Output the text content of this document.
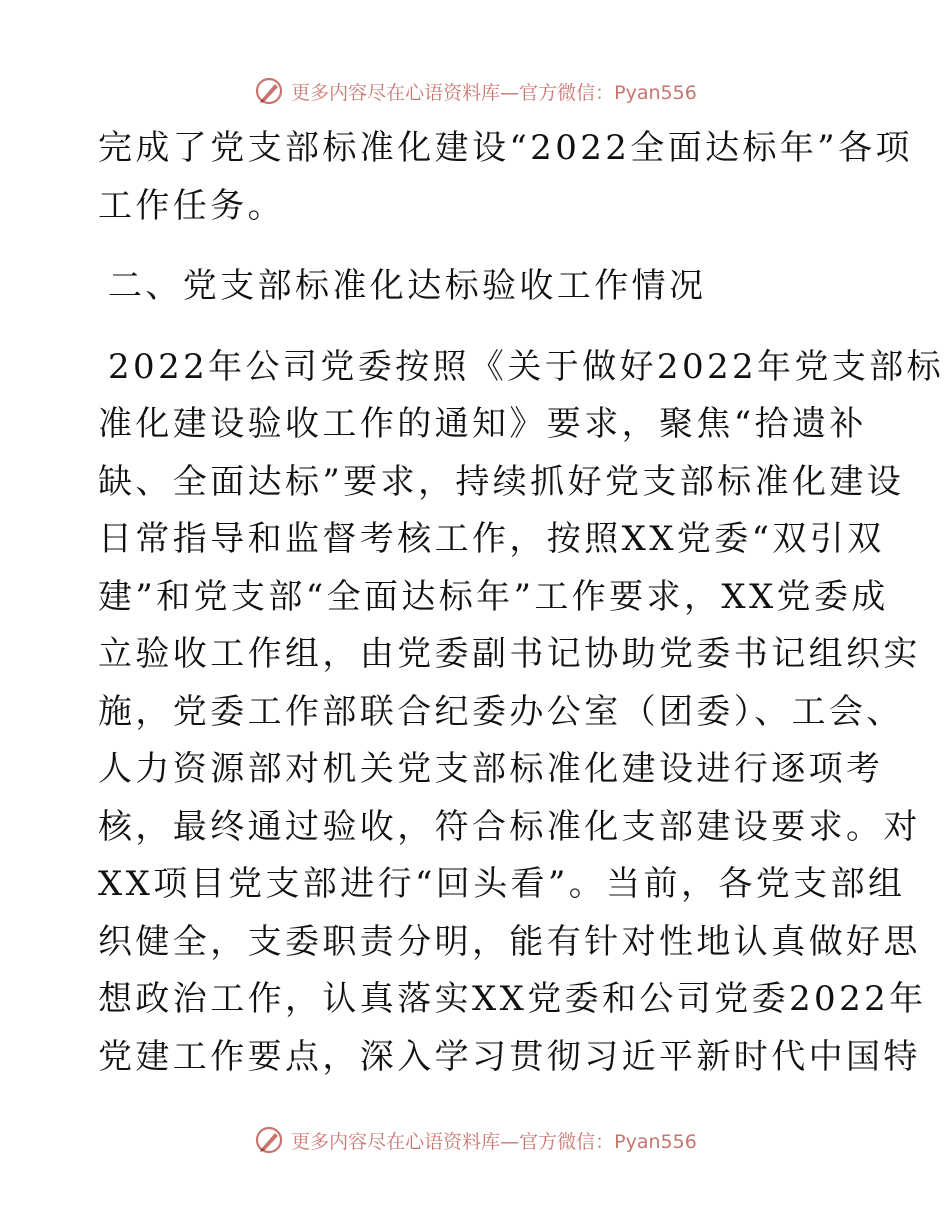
更多内容尽在心语资料库—官方微信：Pyan556
完成了党支部标准化建设“2022全面达标年”各项
工作任务。
二、党支部标准化达标验收工作情况
2022年公司党委按照《关于做好2022年党支部标
准化建设验收工作的通知》要求，聚焦“拾遗补
缺、全面达标”要求，持续抓好党支部标准化建设
日常指导和监督考核工作，按照XX党委“双引双
建”和党支部“全面达标年”工作要求，XX党委成
立验收工作组，由党委副书记协助党委书记组织实
施，党委工作部联合纪委办公室（团委）、工会、
人力资源部对机关党支部标准化建设进行逐项考
核，最终通过验收，符合标准化支部建设要求。对
XX项目党支部进行“回头看”。当前，各党支部组
织健全，支委职责分明，能有针对性地认真做好思
想政治工作，认真落实XX党委和公司党委2022年
党建工作要点，深入学习贯彻习近平新时代中国特
更多内容尽在心语资料库—官方微信：Pyan556
